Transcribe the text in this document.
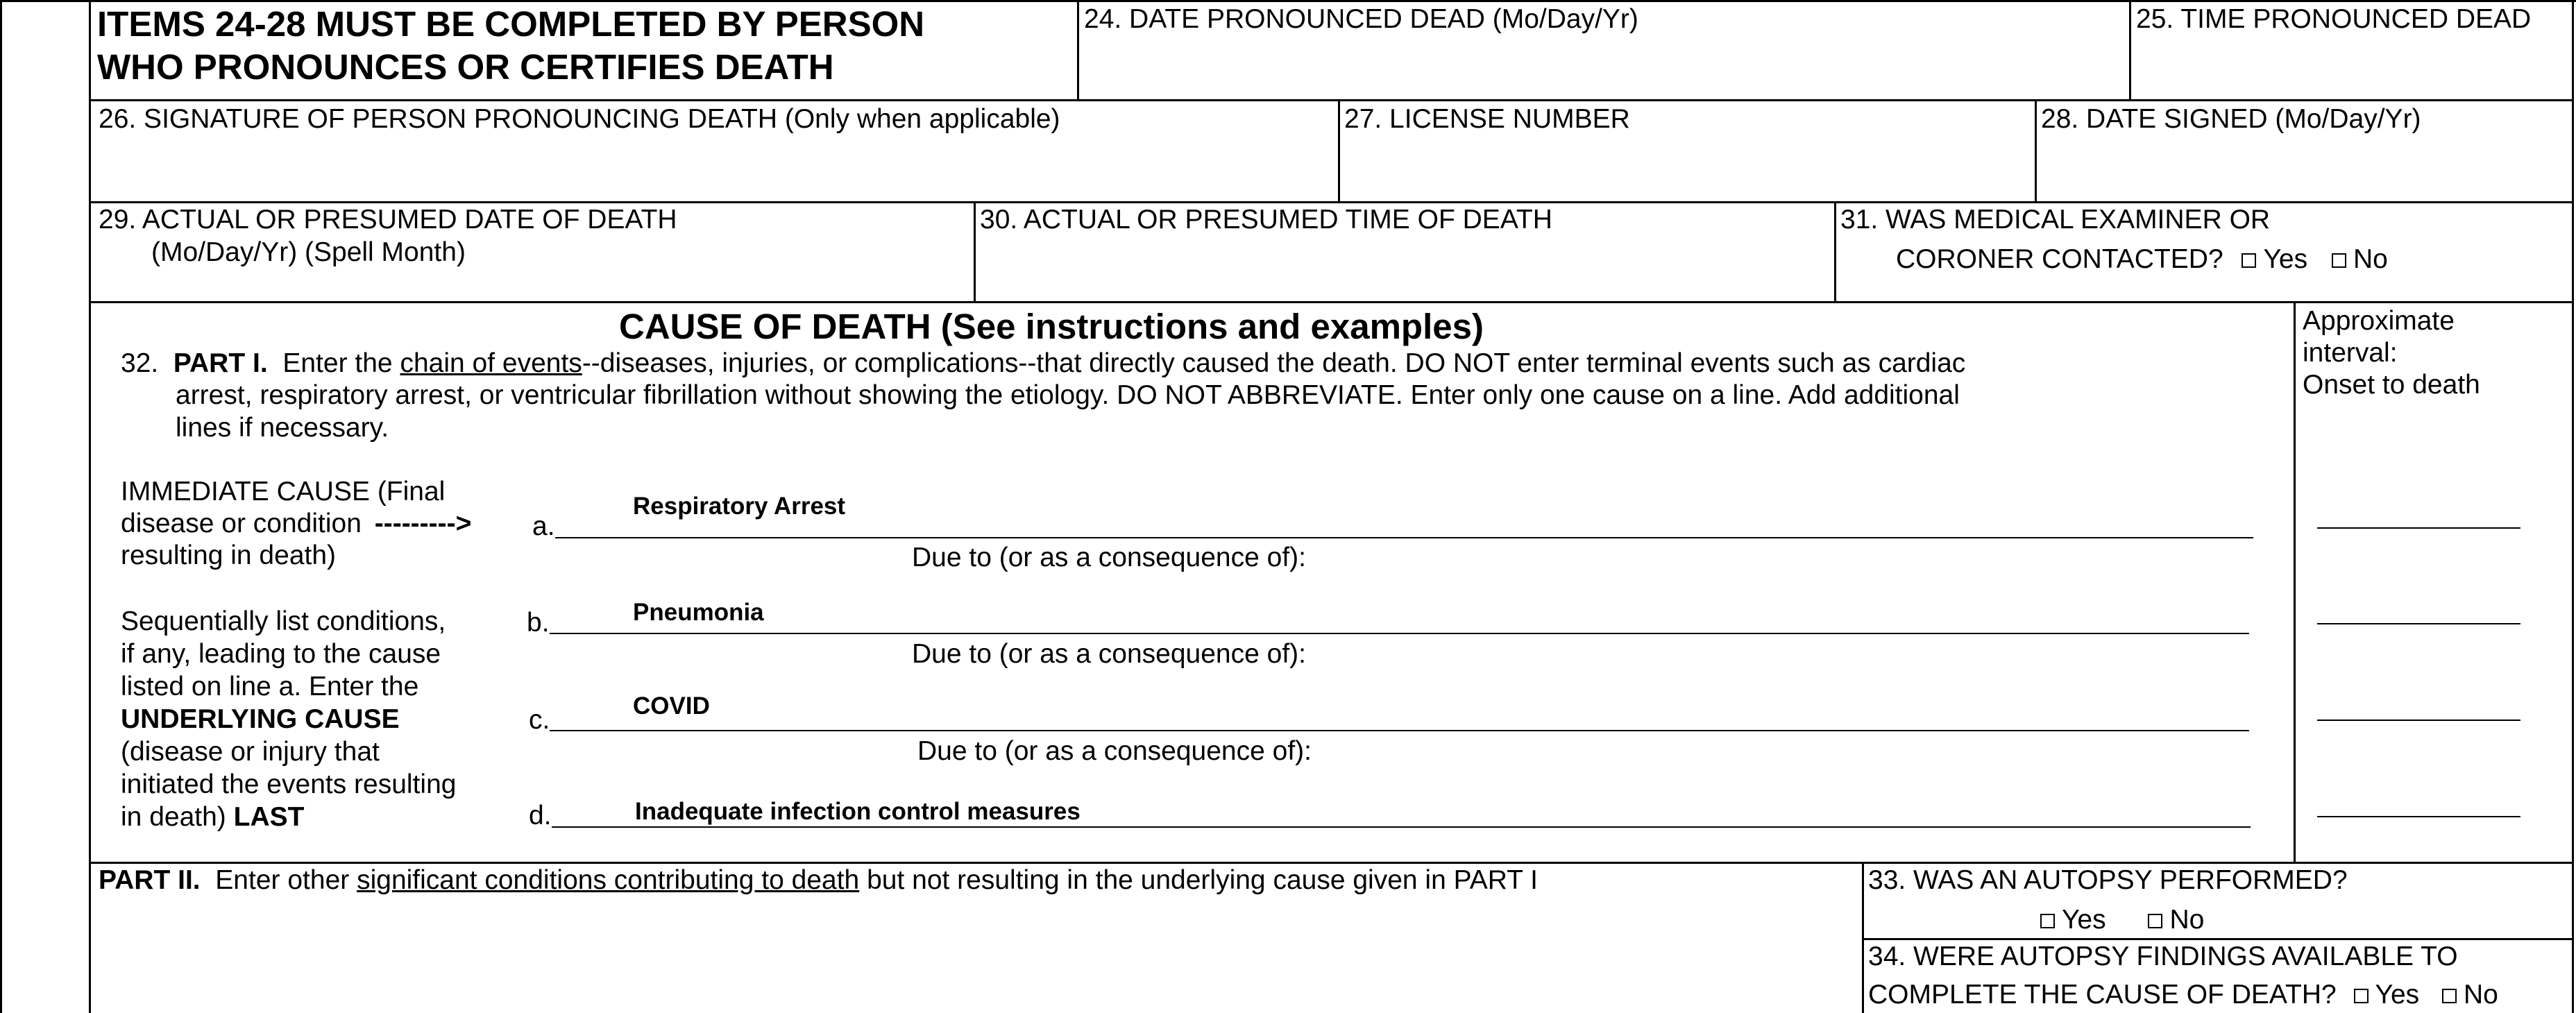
ITEMS 24-28 MUST BE COMPLETED BY PERSON
WHO PRONOUNCES OR CERTIFIES DEATH
24. DATE PRONOUNCED DEAD (Mo/Day/Yr)	25. TIME PRONOUNCED DEAD
26. SIGNATURE OF PERSON PRONOUNCING DEATH (Only when applicable)	27. LICENSE NUMBER	28. DATE SIGNED (Mo/Day/Yr)
29. ACTUAL OR PRESUMED DATE OF DEATH
(Mo/Day/Yr) (Spell Month)
30. ACTUAL OR PRESUMED TIME OF DEATH	31. WAS MEDICAL EXAMINER OR
CORONER CONTACTED? Yes No
CAUSE OF DEATH (See instructions and examples)	Approximate
interval:
Onset to death
32. PART I. Enter the chain of events--diseases, injuries, or complications--that directly caused the death. DO NOT enter terminal events such as cardiac
arrest, respiratory arrest, or ventricular fibrillation without showing the etiology. DO NOT ABBREVIATE. Enter only one cause on a line. Add additional
lines if necessary.
IMMEDIATE CAUSE (Final
disease or condition --------->
resulting in death)
Sequentially list conditions,
if any, leading to the cause
listed on line a. Enter the
UNDERLYING CAUSE
(disease or injury that
initiated the events resulting
in death) LAST
a.
Respiratory Arrest
Due to (or as a consequence of):
b.	Pneumonia
Due to (or as a consequence of):
c.	COVID
Due to (or as a consequence of):
d.	Inadequate infection control measures
PART II. Enter other significant conditions contributing to death but not resulting in the underlying cause given in PART I	33. WAS AN AUTOPSY PERFORMED?
Yes No
34. WERE AUTOPSY FINDINGS AVAILABLE TO
COMPLETE THE CAUSE OF DEATH? Yes No
